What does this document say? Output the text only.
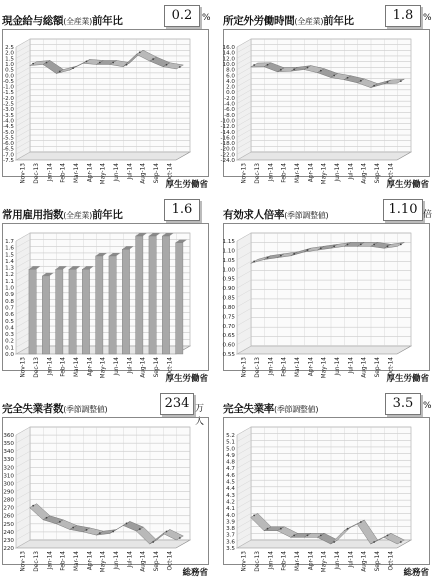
現金給与総額(全産業)前年比	0.2	%
2.5
2.0
1.5
1.0
0.5
0.0
-0.5
-1.0
-1.5
-2.0
-2.5
-3.0
-3.5
-4.0
-4.5
-5.0
-5.5
-6.0
-6.5
-7.0
-7.5
Nov-13 Dec-13 Jan-14 Feb-14 Mar-14 Apr-14 May-14 Jun-14 Jul-14 Aug-14 Sep-14 Oct-14
厚生労働省
所定外労働時間(全産業)前年比	1.8	%
16.0
14.0
12.0
10.0
8.0
6.0
4.0
2.0
0.0
-2.0
-4.0
-6.0
-8.0
-10.0
-12.0
-14.0
-16.0
-18.0
-20.0
-22.0
-24.0
Nov-13 Dec-13 Jan-14 Feb-14 Mar-14 Apr-14 May-14 Jun-14 Jul-14 Aug-14 Sep-14 Oct-14
厚生労働省
常用雇用指数(全産業)前年比	1.6
1.7
1.6
1.5
1.4
1.3
1.2
1.1
1.0
0.9
0.8
0.7
0.6
0.5
0.4
0.3
0.2
0.1
0.0
Nov-13 Dec-13 Jan-14 Feb-14 Mar-14 Apr-14 May-14 Jun-14 Jul-14 Aug-14 Sep-14 Oct-14
厚生労働省
有効求人倍率(季節調整値)	1.10 倍
1.15
1.10
1.05
1.00
0.95
0.90
0.85
0.80
0.75
0.70
0.65
0.60
0.55
Nov-13 Dec-13 Jan-14 Feb-14 Mar-14 Apr-14 May-14 Jun-14 Jul-14 Aug-14 Sep-14 Oct-14
厚生労働省
完全失業者数(季節調整値)	234 万人
360
350
340
330
320
310
300
290
280
270
260
250
240
230
220
Nov-13 Dec-13 Jan-14 Feb-14 Mar-14 Apr-14 May-14 Jun-14 Jul-14 Aug-14 Sep-14 Oct-14
総務省
完全失業率(季節調整値)	3.5	%
5.2
5.1
5.0
4.9
4.8
4.7
4.6
4.5
4.4
4.3
4.2
4.1
4.0
3.9
3.8
3.7
3.6
3.5
Nov-13 Dec-13 Jan-14 Feb-14 Mar-14 Apr-14 May-14 Jun-14 Jul-14 Aug-14 Sep-14 Oct-14
総務省
